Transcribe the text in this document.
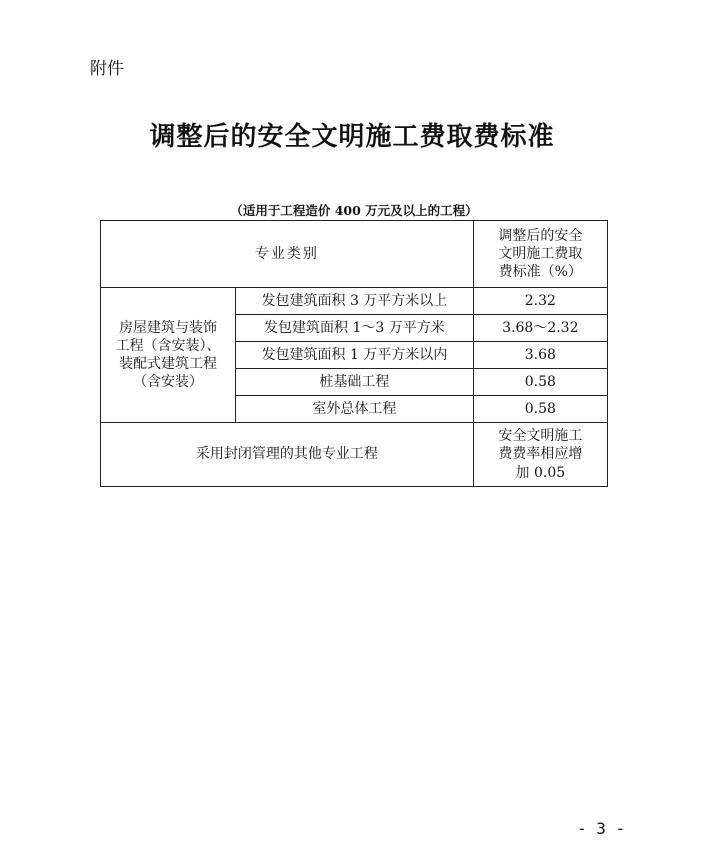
附件
调整后的安全文明施工费取费标准
（适用于工程造价 400 万元及以上的工程）
专业类别		调整后的安全
文明施工费取
费标准（%）

房屋建筑与装饰
工程（含安装）、
装配式建筑工程
（含安装）	发包建筑面积 3 万平方米以上	2.32
	发包建筑面积 1～3 万平方米	3.68～2.32
	发包建筑面积 1 万平方米以内	3.68
	桩基础工程	0.58
	室外总体工程	0.58
采用封闭管理的其他专业工程		安全文明施工
费费率相应增
加 0.05
- 3 -
